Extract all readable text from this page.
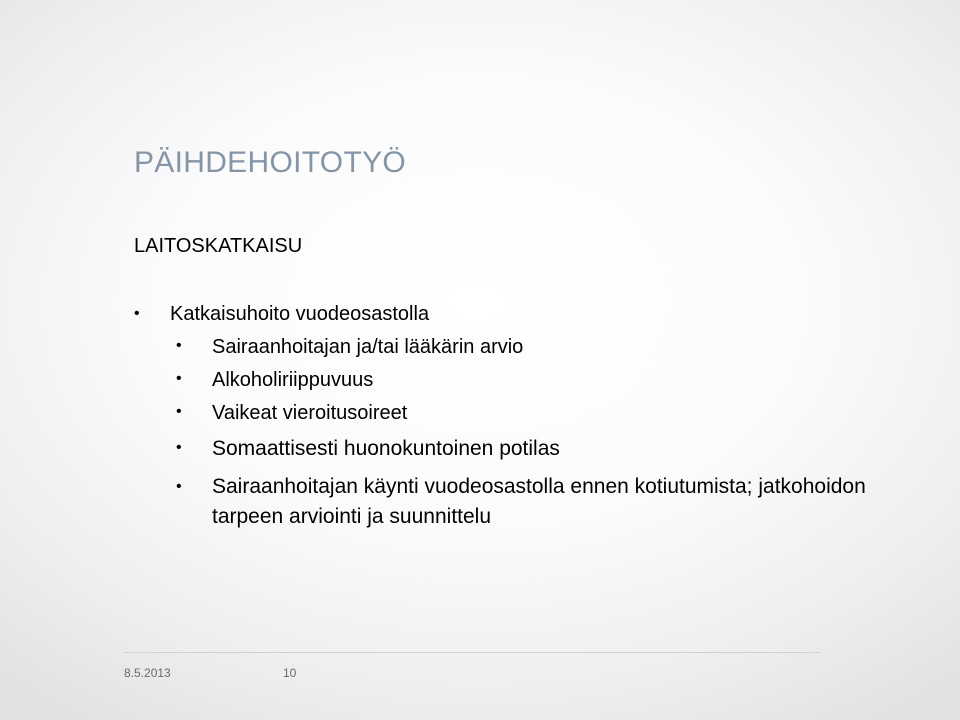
PÄIHDEHOITOTYÖ
LAITOSKATKAISU
• Katkaisuhoito vuodeosastolla
• Sairaanhoitajan ja/tai lääkärin arvio
• Alkoholiriippuvuus
• Vaikeat vieroitusoireet
• Somaattisesti huonokuntoinen potilas
• Sairaanhoitajan käynti vuodeosastolla ennen kotiutumista; jatkohoidon tarpeen arviointi ja suunnittelu
8.5.2013	10
